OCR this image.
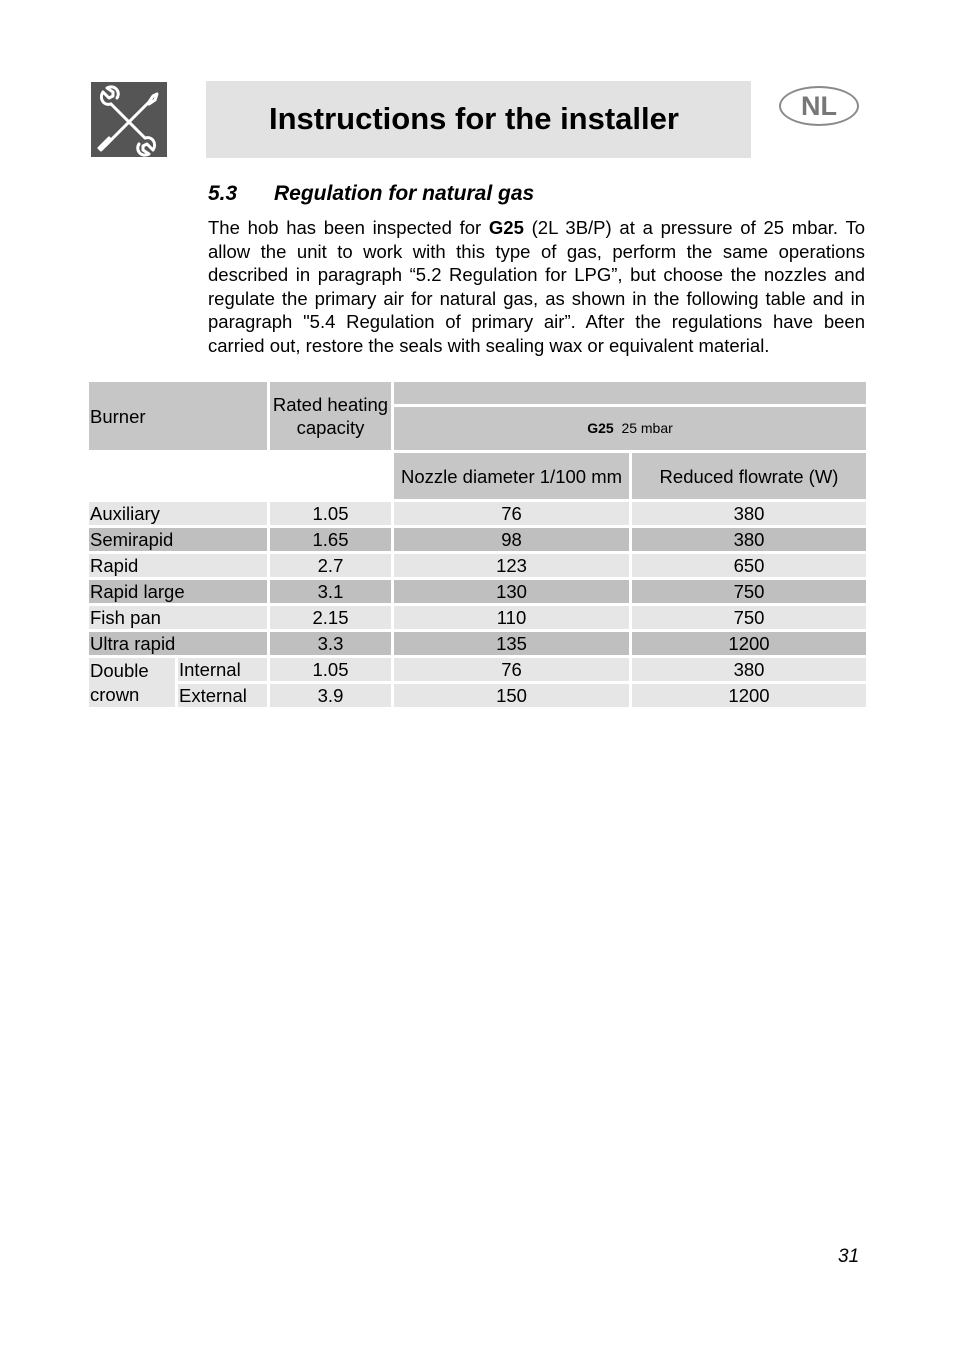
Instructions for the installer	NL
5.3 Regulation for natural gas
The hob has been inspected for G25 (2L 3B/P) at a pressure of 25 mbar. To allow the unit to work with this type of gas, perform the same operations described in paragraph “5.2 Regulation for LPG”, but choose the nozzles and regulate the primary air for natural gas, as shown in the following table and in paragraph "5.4 Regulation of primary air”. After the regulations have been carried out, restore the seals with sealing wax or equivalent material.
Burner		Rated heating capacity		
			G25 25 mbar	
			Nozzle diameter 1/100 mm	Reduced flowrate (W)
Auxiliary		1.05	76	380
Semirapid		1.65	98	380
Rapid		2.7	123	650
Rapid large		3.1	130	750
Fish pan		2.15	110	750
Ultra rapid		3.3	135	1200
Double crown	Internal	1.05	76	380
	External	3.9	150	1200
31
